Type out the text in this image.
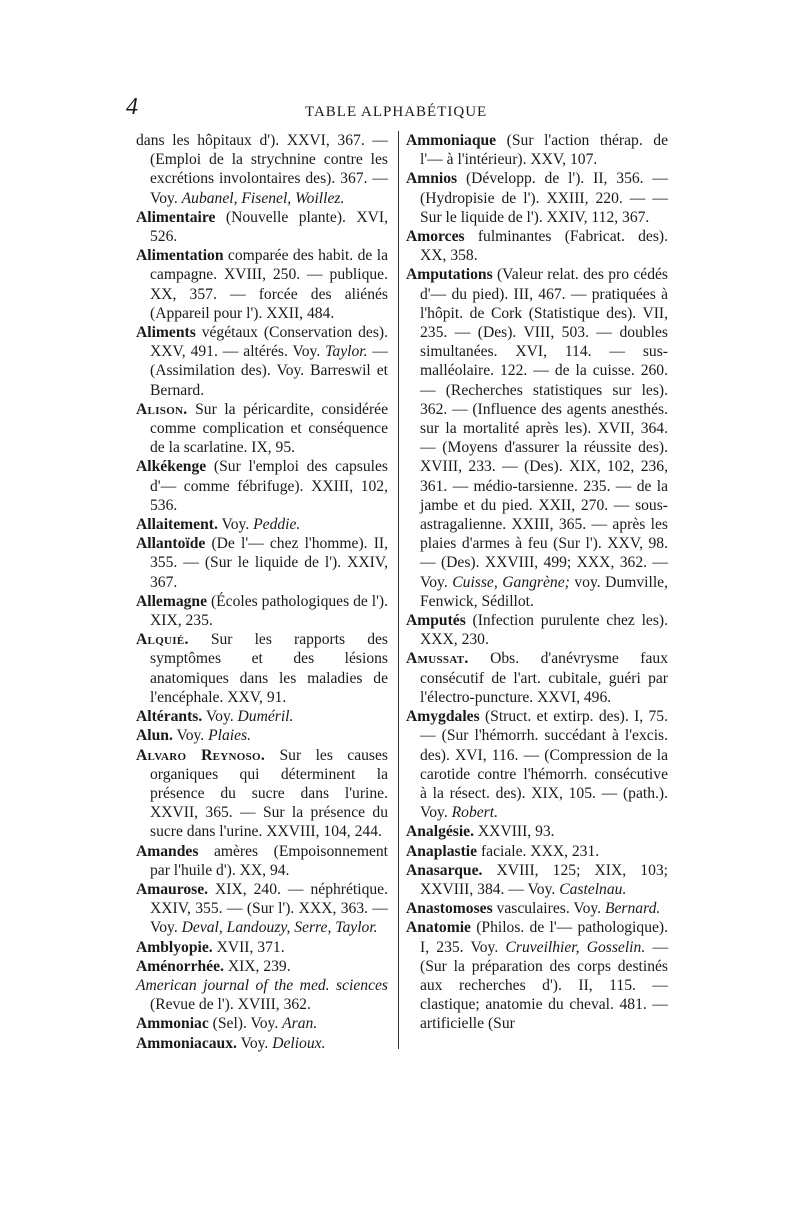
4	TABLE ALPHABÉTIQUE

dans les hôpitaux d'). XXVI, 367. — (Emploi de la strychnine contre les excrétions involontaires des). 367. — Voy. Aubanel, Fisenel, Woillez.

Alimentaire (Nouvelle plante). XVI, 526.

Alimentation comparée des habit. de la campagne. XVIII, 250. — publique. XX, 357. — forcée des aliénés (Appareil pour l'). XXII, 484.

Aliments végétaux (Conservation des). XXV, 491. — altérés. Voy. Taylor. — (Assimilation des). Voy. Barreswil et Bernard.

Alison. Sur la péricardite, considérée comme complication et conséquence de la scarlatine. IX, 95.

Alkékenge (Sur l'emploi des capsules d'— comme fébrifuge). XXIII, 102, 536.

Allaitement. Voy. Peddie.

Allantoïde (De l'— chez l'homme). II, 355. — (Sur le liquide de l'). XXIV, 367.

Allemagne (Écoles pathologiques de l'). XIX, 235.

Alquié. Sur les rapports des symptômes et des lésions anatomiques dans les maladies de l'encéphale. XXV, 91.

Altérants. Voy. Duméril.

Alun. Voy. Plaies.

Alvaro Reynoso. Sur les causes organiques qui déterminent la présence du sucre dans l'urine. XXVII, 365. — Sur la présence du sucre dans l'urine. XXVIII, 104, 244.

Amandes amères (Empoisonnement par l'huile d'). XX, 94.

Amaurose. XIX, 240. — néphrétique. XXIV, 355. — (Sur l'). XXX, 363. — Voy. Deval, Landouzy, Serre, Taylor.

Amblyopie. XVII, 371.

Aménorrhée. XIX, 239.

American journal of the med. sciences (Revue de l'). XVIII, 362.

Ammoniac (Sel). Voy. Aran.

Ammoniacaux. Voy. Delioux.

Ammoniaque (Sur l'action thérap. de l'— à l'intérieur). XXV, 107.

Amnios (Développ. de l'). II, 356. — (Hydropisie de l'). XXIII, 220. — — Sur le liquide de l'). XXIV, 112, 367.

Amorces fulminantes (Fabricat. des). XX, 358.

Amputations (Valeur relat. des pro cédés d'— du pied). III, 467. — pratiquées à l'hôpit. de Cork (Statistique des). VII, 235. — (Des). VIII, 503. — doubles simultanées. XVI, 114. — sus-malléolaire. 122. — de la cuisse. 260. — (Recherches statistiques sur les). 362. — (Influence des agents anesthés. sur la mortalité après les). XVII, 364. — (Moyens d'assurer la réussite des). XVIII, 233. — (Des). XIX, 102, 236, 361. — médio-tarsienne. 235. — de la jambe et du pied. XXII, 270. — sous-astragalienne. XXIII, 365. — après les plaies d'armes à feu (Sur l'). XXV, 98. — (Des). XXVIII, 499; XXX, 362. — Voy. Cuisse, Gangrène; voy. Dumville, Fenwick, Sédillot.

Amputés (Infection purulente chez les). XXX, 230.

Amussat. Obs. d'anévrysme faux consécutif de l'art. cubitale, guéri par l'électro-puncture. XXVI, 496.

Amygdales (Struct. et extirp. des). I, 75. — (Sur l'hémorrh. succédant à l'excis. des). XVI, 116. — (Compression de la carotide contre l'hémorrh. consécutive à la résect. des). XIX, 105. — (path.). Voy. Robert.

Analgésie. XXVIII, 93.

Anaplastie faciale. XXX, 231.

Anasarque. XVIII, 125; XIX, 103; XXVIII, 384. — Voy. Castelnau.

Anastomoses vasculaires. Voy. Bernard.

Anatomie (Philos. de l'— pathologique). I, 235. Voy. Cruveilhier, Gosselin. — (Sur la préparation des corps destinés aux recherches d'). II, 115. — clastique; anatomie du cheval. 481. — artificielle (Sur
